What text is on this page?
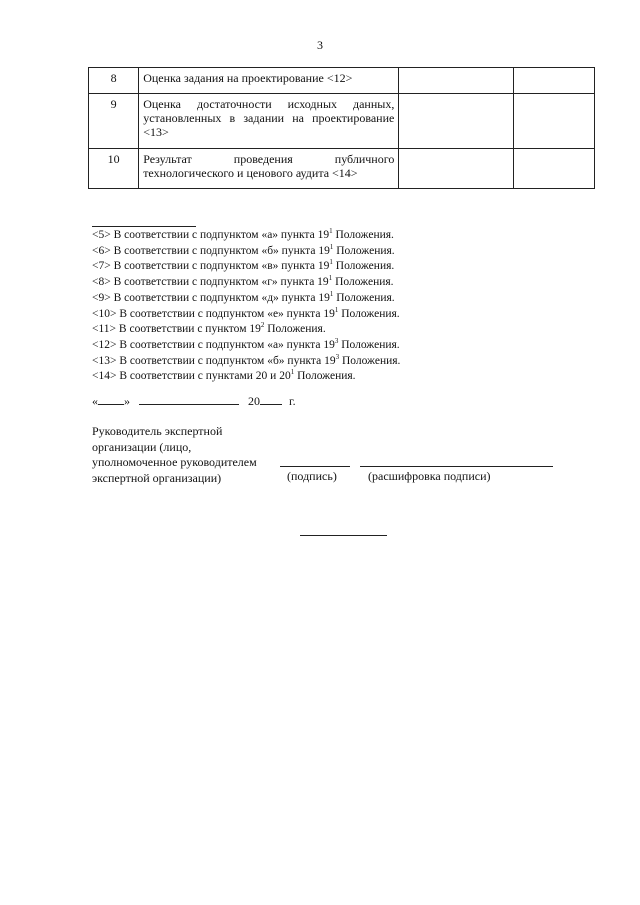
3
8	Оценка задания на проектирование <12>		
9	Оценка достаточности исходных данных,
установленных в задании на проектирование
<13>		

10	Результат проведения публичного
технологического и ценового аудита <14>		

<5> В соответствии с подпунктом «а» пункта $19^1$ Положения.
<6> В соответствии с подпунктом «б» пункта $19^1$ Положения.
<7> В соответствии с подпунктом «в» пункта $19^1$ Положения.
<8> В соответствии с подпунктом «г» пункта $19^1$ Положения.
<9> В соответствии с подпунктом «д» пункта $19^1$ Положения.
<10> В соответствии с подпунктом «е» пункта $19^1$ Положения.
<11> В соответствии с пунктом $19^2$ Положения.
<12> В соответствии с подпунктом «а» пункта $19^3$ Положения.
<13> В соответствии с подпунктом «б» пункта $19^3$ Положения.
<14> В соответствии с пунктами 20 и $20^1$ Положения.
« »	20 г.
Руководитель экспертной
организации (лицо,
уполномоченное руководителем
экспертной организации)	(подпись)	(расшифровка подписи)
